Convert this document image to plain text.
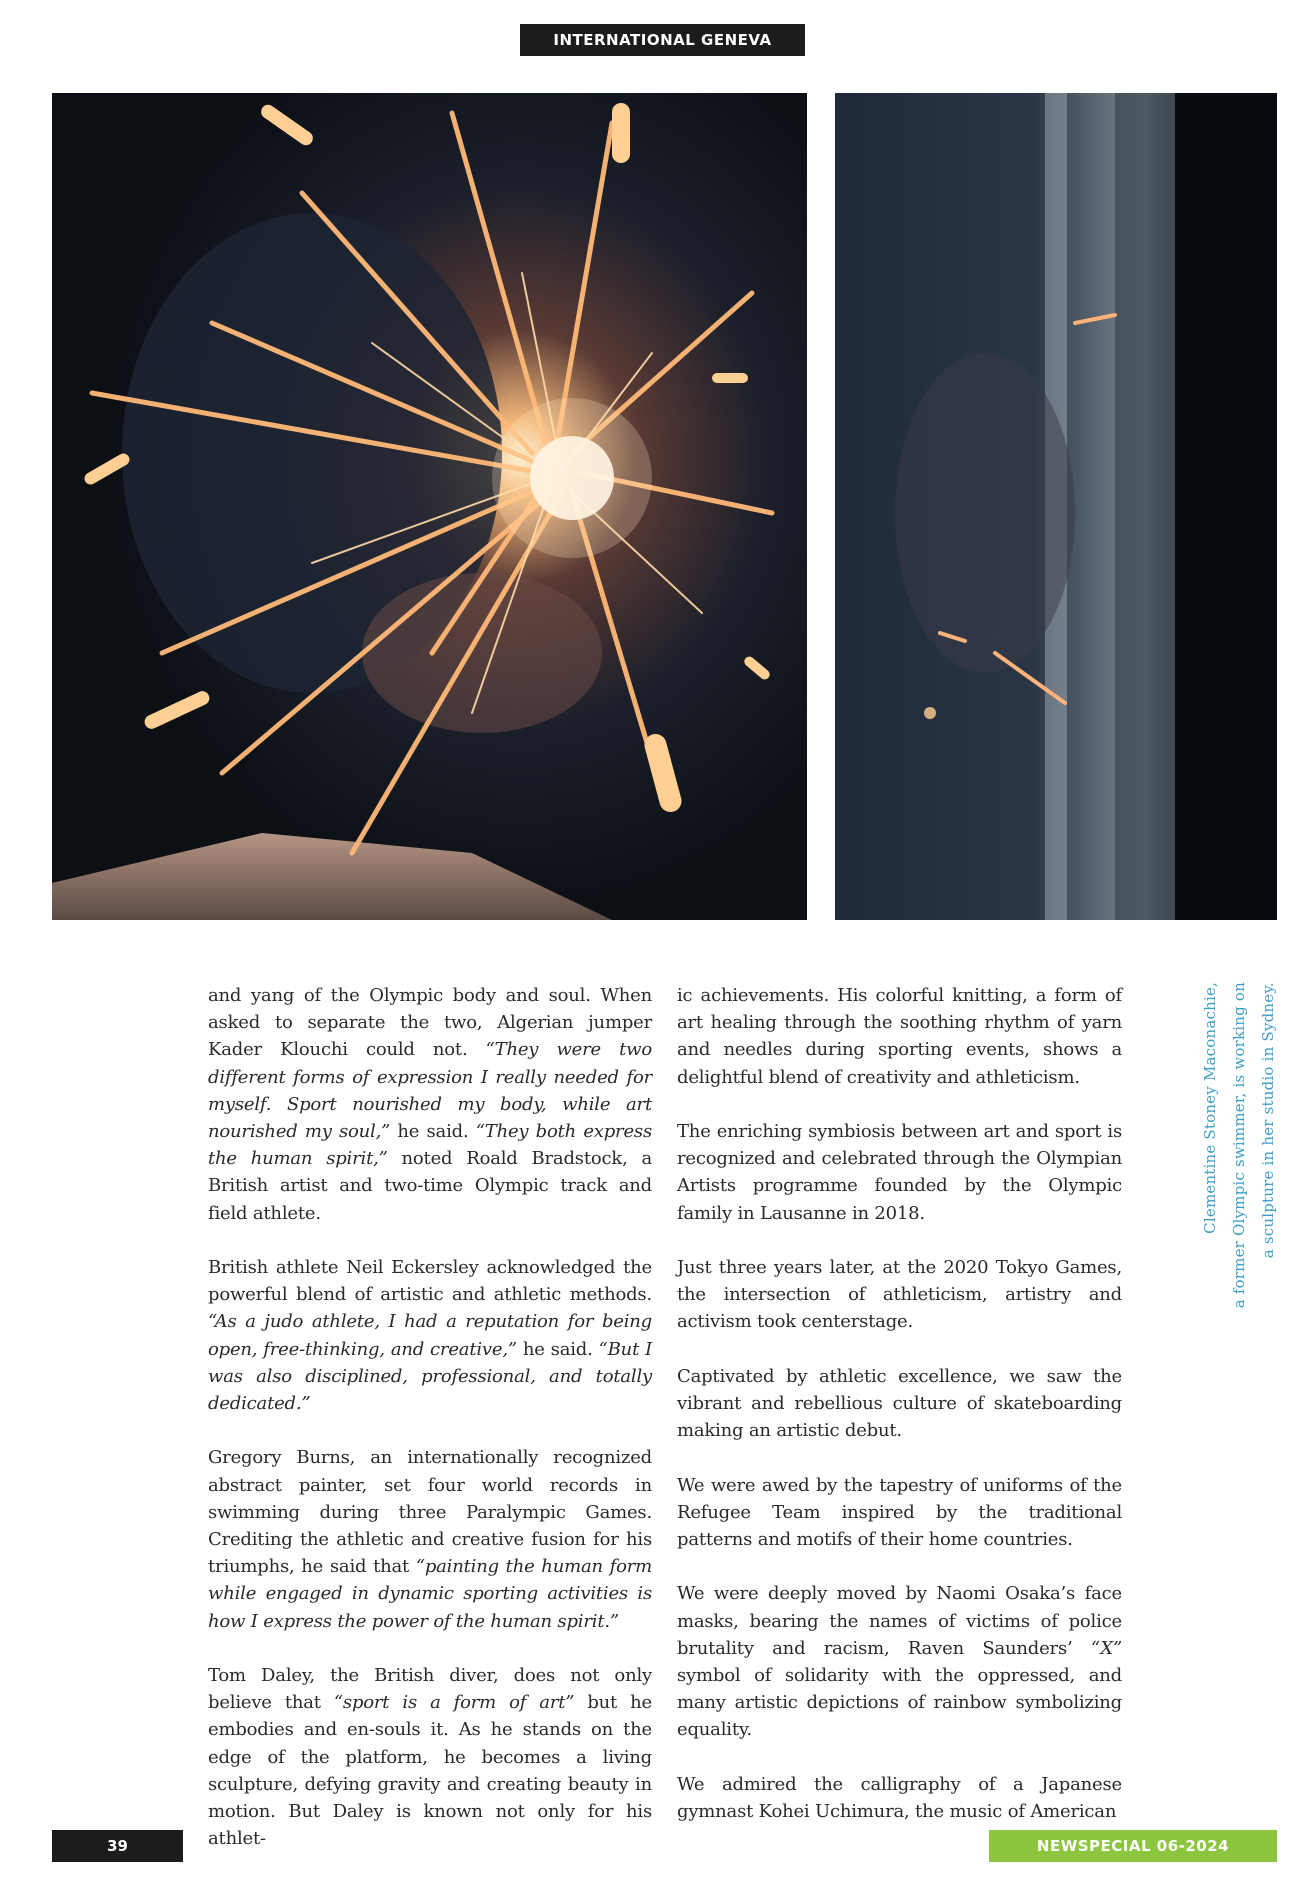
INTERNATIONAL GENEVA

and yang of the Olympic body and soul. When asked to separate the two, Algerian jumper Kader Klouchi could not. “They were two different forms of expression I really needed for myself. Sport nourished my body, while art nourished my soul,” he said. “They both express the human spirit,” noted Roald Bradstock, a British artist and two-time Olympic track and field athlete.

British athlete Neil Eckersley acknowledged the powerful blend of artistic and athletic methods. “As a judo athlete, I had a reputation for being open, free-thinking, and creative,” he said. “But I was also disciplined, professional, and totally dedicated.”

Gregory Burns, an internationally recognized abstract painter, set four world records in swimming during three Paralympic Games. Crediting the athletic and creative fusion for his triumphs, he said that “painting the human form while engaged in dynamic sporting activities is how I express the power of the human spirit.”

Tom Daley, the British diver, does not only believe that “sport is a form of art” but he embodies and en-souls it. As he stands on the edge of the platform, he becomes a living sculpture, defying gravity and creating beauty in motion. But Daley is known not only for his athlet-

ic achievements. His colorful knitting, a form of art healing through the soothing rhythm of yarn and needles during sporting events, shows a delightful blend of creativity and athleticism.

The enriching symbiosis between art and sport is recognized and celebrated through the Olympian Artists programme founded by the Olympic family in Lausanne in 2018.

Just three years later, at the 2020 Tokyo Games, the intersection of athleticism, artistry and activism took centerstage.

Captivated by athletic excellence, we saw the vibrant and rebellious culture of skateboarding making an artistic debut.

We were awed by the tapestry of uniforms of the Refugee Team inspired by the traditional patterns and motifs of their home countries.

We were deeply moved by Naomi Osaka’s face masks, bearing the names of victims of police brutality and racism, Raven Saunders’ “X” symbol of solidarity with the oppressed, and many artistic depictions of rainbow symbolizing equality.

We admired the calligraphy of a Japanese gymnast Kohei Uchimura, the music of American

Clementine Stoney Maconachie, a former Olympic swimmer, is working on a sculpture in her studio in Sydney.
39	NEWSPECIAL 06-2024
